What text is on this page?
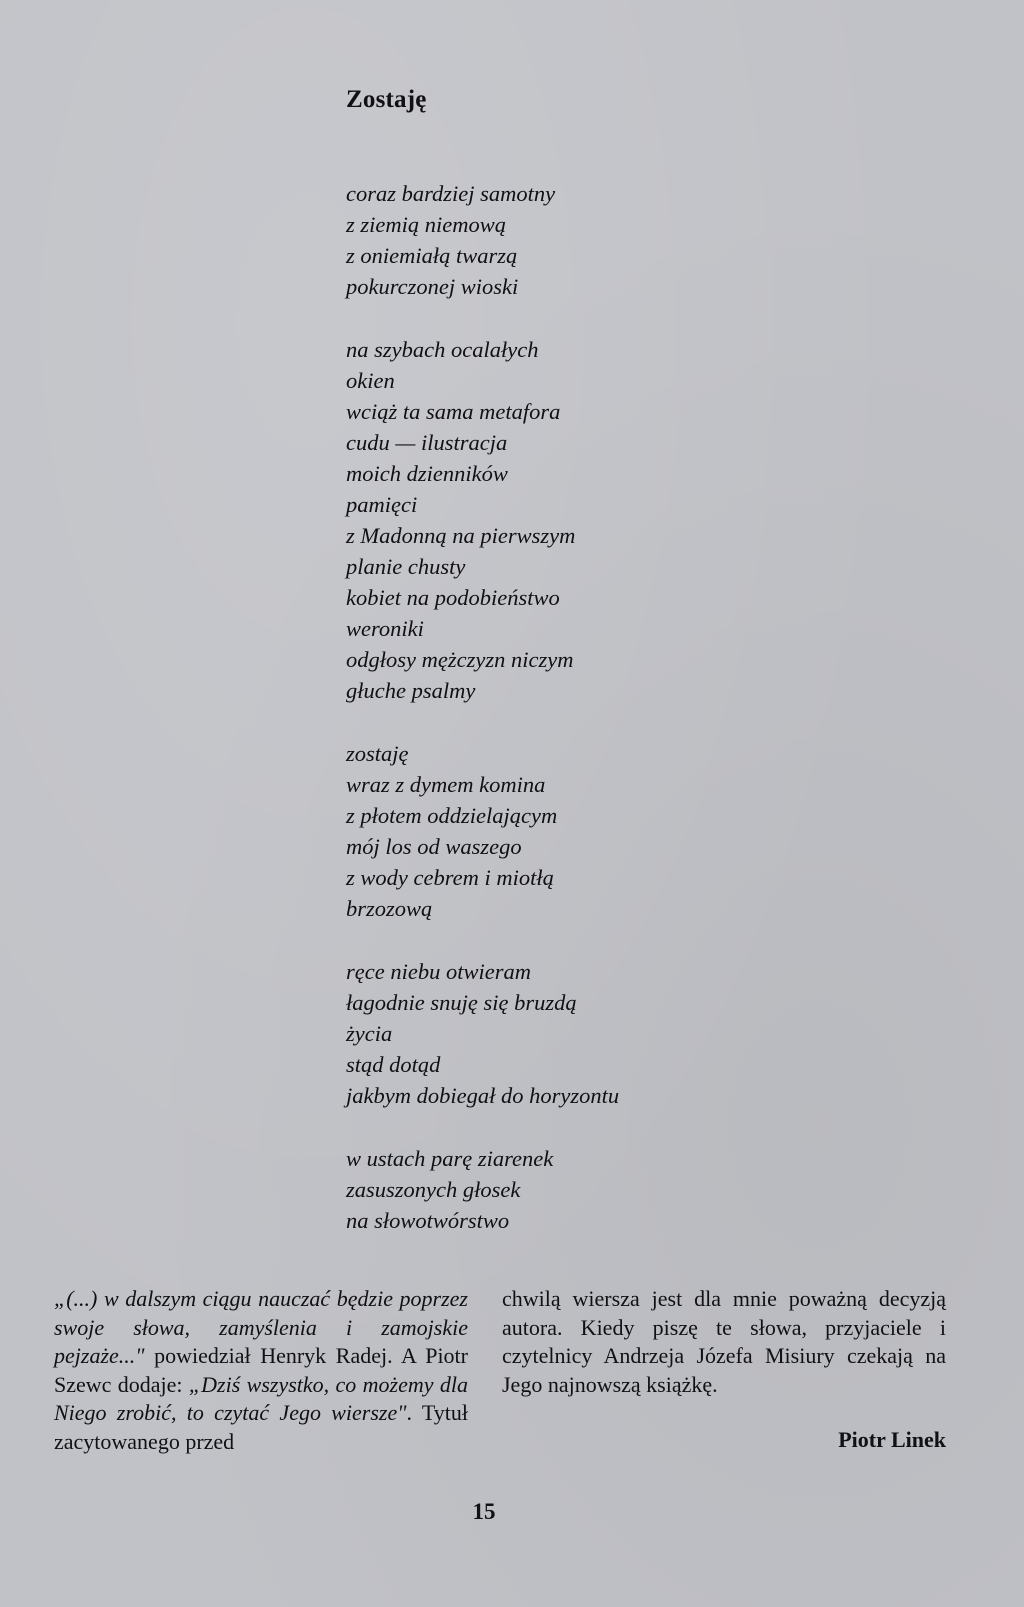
Zostaję
coraz bardziej samotny
z ziemią niemową
z oniemiałą twarzą
pokurczonej wioski
na szybach ocalałych
okien
wciąż ta sama metafora
cudu — ilustracja
moich dzienników
pamięci
z Madonną na pierwszym
planie chusty
kobiet na podobieństwo
weroniki
odgłosy mężczyzn niczym
głuche psalmy
zostaję
wraz z dymem komina
z płotem oddzielającym
mój los od waszego
z wody cebrem i miotłą
brzozową
ręce niebu otwieram
łagodnie snuję się bruzdą
życia
stąd dotąd
jakbym dobiegał do horyzontu
w ustach parę ziarenek
zasuszonych głosek
na słowotwórstwo
„(...) w dalszym ciągu nauczać będzie poprzez swoje słowa, zamyślenia i zamojskie pejzaże..." powiedział Henryk Radej. A Piotr Szewc dodaje: „Dziś wszystko, co możemy dla Niego zrobić, to czytać Jego wiersze". Tytuł zacytowanego przed
chwilą wiersza jest dla mnie poważną decyzją autora. Kiedy piszę te słowa, przyjaciele i czytelnicy Andrzeja Józefa Misiury czekają na Jego najnowszą książkę.
Piotr Linek
15
